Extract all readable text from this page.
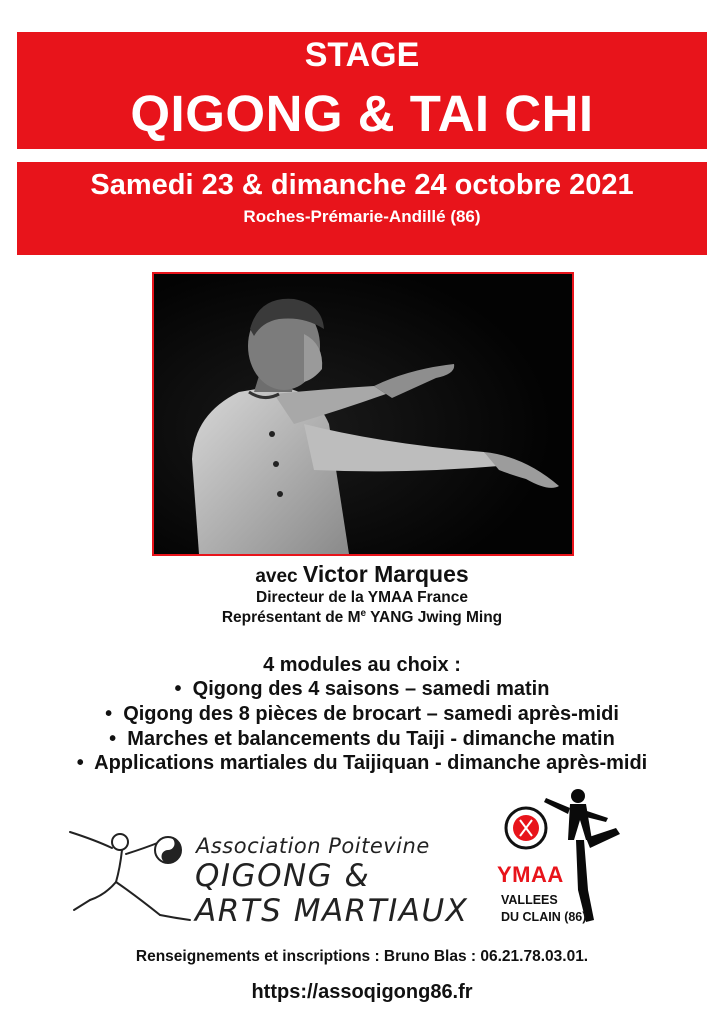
STAGE
QIGONG & TAI CHI
Samedi 23 & dimanche 24 octobre 2021
Roches-Prémarie-Andillé (86)
avec Victor Marques
Directeur de la YMAA France
Représentant de Me YANG Jwing Ming
4 modules au choix :
•  Qigong des 4 saisons – samedi matin
•  Qigong des 8 pièces de brocart – samedi après-midi
•  Marches et balancements du Taiji - dimanche matin
•  Applications martiales du Taijiquan - dimanche après-midi
Association Poitevine
QIGONG &
ARTS MARTIAUX
YMAA
VALLEES
DU CLAIN (86)
Renseignements et inscriptions : Bruno Blas : 06.21.78.03.01.
https://assoqigong86.fr
